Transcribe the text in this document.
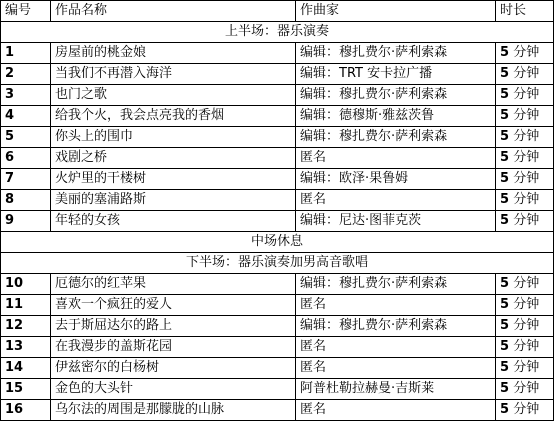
编号	作品名称	作曲家	时长
上半场：器乐演奏			
1	房屋前的桃金娘	编辑：穆扎费尔·萨利索森	5 分钟
2	当我们不再潜入海洋	编辑：TRT 安卡拉广播	5 分钟
3	也门之歌	编辑：穆扎费尔·萨利索森	5 分钟
4	给我个火，我会点亮我的香烟	编辑：德穆斯·雅兹茨鲁	5 分钟
5	你头上的围巾	编辑：穆扎费尔·萨利索森	5 分钟
6	戏剧之桥	匿名	5 分钟
7	火炉里的干楼树	编辑：欧泽·果鲁姆	5 分钟
8	美丽的塞浦路斯	匿名	5 分钟
9	年轻的女孩	编辑：尼达·图菲克茨	5 分钟
中场休息			
下半场：器乐演奏加男高音歌唱			
10	厄德尔的红苹果	编辑：穆扎费尔·萨利索森	5 分钟
11	喜欢一个疯狂的爱人	匿名	5 分钟
12	去于斯屈达尔的路上	编辑：穆扎费尔·萨利索森	5 分钟
13	在我漫步的盖斯花园	匿名	5 分钟
14	伊兹密尔的白杨树	匿名	5 分钟
15	金色的大头针	阿普杜勒拉赫曼·吉斯莱	5 分钟
16	乌尔法的周围是那朦胧的山脉	匿名	5 分钟
